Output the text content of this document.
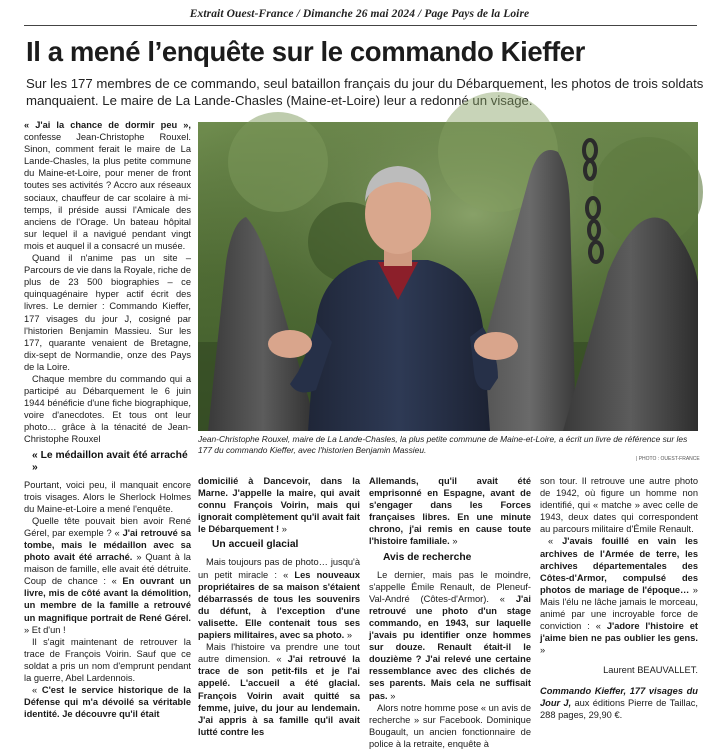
Extrait Ouest-France / Dimanche 26 mai 2024 / Page Pays de la Loire
Il a mené l’enquête sur le commando Kieffer
Sur les 177 membres de ce commando, seul bataillon français du jour du Débarquement, les photos de trois soldats manquaient. Le maire de La Lande-Chasles (Maine-et-Loire) leur a redonné un visage.
Jean-Christophe Rouxel, maire de La Lande-Chasles, la plus petite commune de Maine-et-Loire, a écrit un livre de référence sur les 177 du commando Kieffer, avec l'historien Benjamin Massieu.
| PHOTO : OUEST-FRANCE

« J'ai la chance de dormir peu », confesse Jean-Christophe Rouxel. Sinon, comment ferait le maire de La Lande-Chasles, la plus petite commune du Maine-et-Loire, pour mener de front toutes ses activités ? Accro aux réseaux sociaux, chauffeur de car scolaire à mi-temps, il préside aussi l'Amicale des anciens de l'Orage. Un bateau hôpital sur lequel il a navigué pendant vingt mois et auquel il a consacré un musée.

Quand il n'anime pas un site – Parcours de vie dans la Royale, riche de plus de 23 500 biographies – ce quinquagénaire hyper actif écrit des livres. Le dernier : Commando Kieffer, 177 visages du jour J, cosigné par l'historien Benjamin Massieu. Sur les 177, quarante venaient de Bretagne, dix-sept de Normandie, onze des Pays de la Loire.

Chaque membre du commando qui a participé au Débarquement le 6 juin 1944 bénéficie d'une fiche biographique, voire d'anecdotes. Et tous ont leur photo… grâce à la ténacité de Jean-Christophe Rouxel

« Le médaillon avait été arraché »

Pourtant, voici peu, il manquait encore trois visages. Alors le Sherlock Holmes du Maine-et-Loire a mené l'enquête.

Quelle tête pouvait bien avoir René Gérel, par exemple ? « J'ai retrouvé sa tombe, mais le médaillon avec sa photo avait été arraché. » Quant à la maison de famille, elle avait été détruite. Coup de chance : « En ouvrant un livre, mis de côté avant la démolition, un membre de la famille a retrouvé un magnifique portrait de René Gérel. » Et d'un !

Il s'agit maintenant de retrouver la trace de François Voirin. Sauf que ce soldat a pris un nom d'emprunt pendant la guerre, Abel Lardennois.

« C'est le service historique de la Défense qui m'a dévoilé sa véritable identité. Je découvre qu'il était

domicilié à Dancevoir, dans la Marne. J'appelle la maire, qui avait connu François Voirin, mais qui ignorait complètement qu'il avait fait le Débarquement ! »

Un accueil glacial

Mais toujours pas de photo… jusqu'à un petit miracle : « Les nouveaux propriétaires de sa maison s'étaient débarrassés de tous les souvenirs du défunt, à l'exception d'une valisette. Elle contenait tous ses papiers militaires, avec sa photo. »

Mais l'histoire va prendre une tout autre dimension. « J'ai retrouvé la trace de son petit-fils et je l'ai appelé. L'accueil a été glacial. François Voirin avait quitté sa femme, juive, du jour au lendemain. J'ai appris à sa famille qu'il avait lutté contre les

Allemands, qu'il avait été emprisonné en Espagne, avant de s'engager dans les Forces françaises libres. En une minute chrono, j'ai remis en cause toute l'histoire familiale. »

Avis de recherche

Le dernier, mais pas le moindre, s'appelle Émile Renault, de Pleneuf-Val-André (Côtes-d'Armor). « J'ai retrouvé une photo d'un stage commando, en 1943, sur laquelle j'avais pu identifier onze hommes sur douze. Renault était-il le douzième ? J'ai relevé une certaine ressemblance avec des clichés de ses parents. Mais cela ne suffisait pas. »

Alors notre homme pose « un avis de recherche » sur Facebook. Dominique Bougault, un ancien fonctionnaire de police à la retraite, enquête à

son tour. Il retrouve une autre photo de 1942, où figure un homme non identifié, qui « matche » avec celle de 1943, deux dates qui correspondent au parcours militaire d'Émile Renault.

« J'avais fouillé en vain les archives de l'Armée de terre, les archives départementales des Côtes-d'Armor, compulsé des photos de mariage de l'époque… » Mais l'élu ne lâche jamais le morceau, animé par une incroyable force de conviction : « J'adore l'histoire et j'aime bien ne pas oublier les gens. »

Laurent BEAUVALLET.

Commando Kieffer, 177 visages du Jour J, aux éditions Pierre de Taillac, 288 pages, 29,90 €.
